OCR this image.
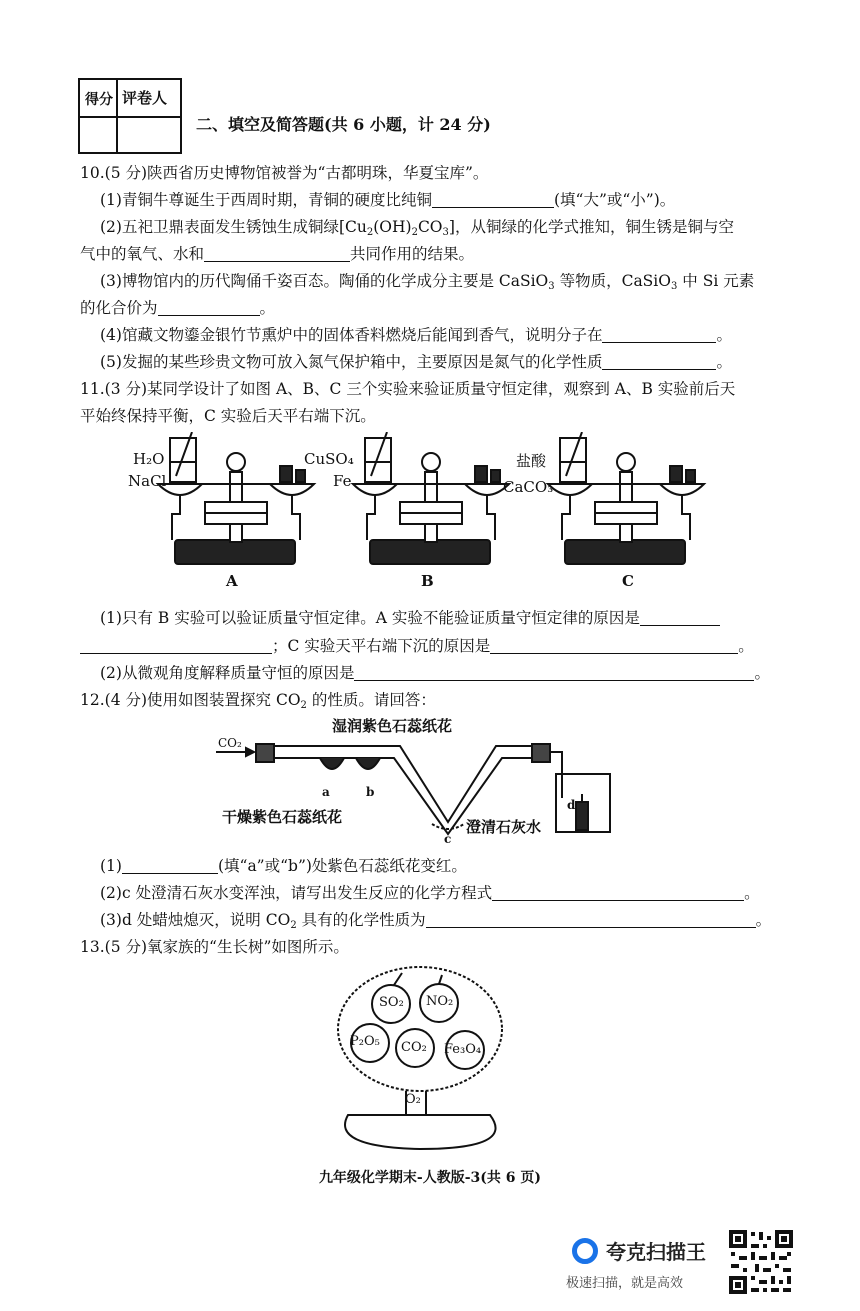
得分 评卷人
二、填空及简答题(共 6 小题，计 24 分)
10.(5 分)陕西省历史博物馆被誉为“古都明珠，华夏宝库”。
(1)青铜牛尊诞生于西周时期，青铜的硬度比纯铜	(填“大”或“小”)。
(2)五祀卫鼎表面发生锈蚀生成铜绿$[Cu_2(OH)_2CO_3]$，从铜绿的化学式推知，铜生锈是铜与空
气中的氧气、水和	共同作用的结果。
(3)博物馆内的历代陶俑千姿百态。陶俑的化学成分主要是 CaSiO$_3$ 等物质，CaSiO$_3$ 中 Si 元素
的化合价为	。
(4)馆藏文物鎏金银竹节熏炉中的固体香料燃烧后能闻到香气，说明分子在	。
(5)发掘的某些珍贵文物可放入氮气保护箱中，主要原因是氮气的化学性质	。
11.(3 分)某同学设计了如图 A、B、C 三个实验来验证质量守恒定律，观察到 A、B 实验前后天
平始终保持平衡，C 实验后天平右端下沉。
H₂O
NaCl
CuSO₄
Fe
盐酸
CaCO₃
A	B	C
(1)只有 B 实验可以验证质量守恒定律。A 实验不能验证质量守恒定律的原因是
；C 实验天平右端下沉的原因是	。
(2)从微观角度解释质量守恒的原因是	。
12.(4 分)使用如图装置探究 $CO_2$ 的性质。请回答：
CO₂
湿润紫色石蕊纸花
干燥紫色石蕊纸花
澄清石灰水
a	b
c
d
(1)	(填“a”或“b”)处紫色石蕊纸花变红。
(2)c 处澄清石灰水变浑浊，请写出发生反应的化学方程式	。
(3)d 处蜡烛熄灭，说明 $CO_2$ 具有的化学性质为	。
13.(5 分)氧家族的“生长树”如图所示。
SO₂ NO₂
P₂O₅ CO₂ Fe₃O₄
O₂
九年级化学期末-人教版-3(共 6 页)
夸克扫描王
极速扫描，就是高效
